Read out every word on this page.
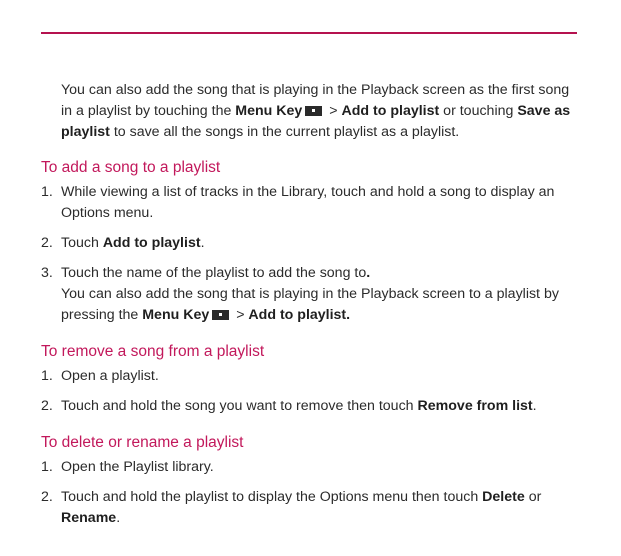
You can also add the song that is playing in the Playback screen as the first song in a playlist by touching the Menu Key > Add to playlist or touching Save as playlist to save all the songs in the current playlist as a playlist.

To add a song to a playlist
1. While viewing a list of tracks in the Library, touch and hold a song to display an Options menu.
2. Touch Add to playlist.
3. Touch the name of the playlist to add the song to.
You can also add the song that is playing in the Playback screen to a playlist by pressing the Menu Key > Add to playlist.
To remove a song from a playlist
1. Open a playlist.
2. Touch and hold the song you want to remove then touch Remove from list.
To delete or rename a playlist
1. Open the Playlist library.
2. Touch and hold the playlist to display the Options menu then touch Delete or Rename.
